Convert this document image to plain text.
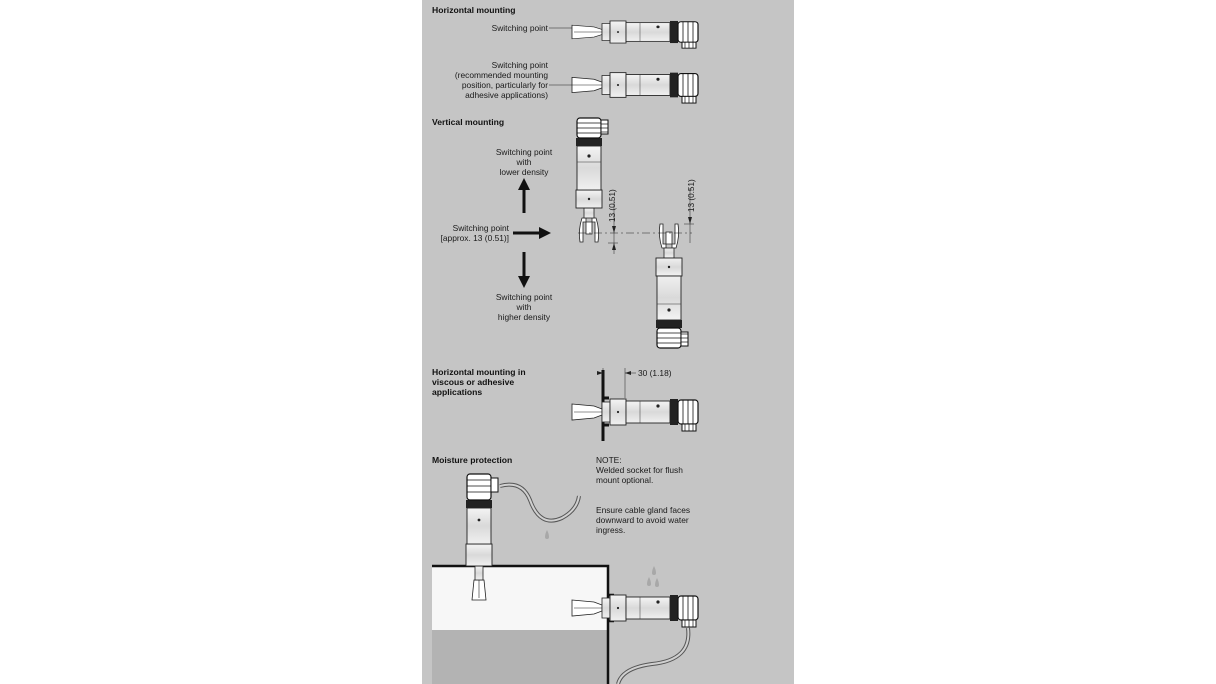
Horizontal mounting
Switching point
Switching point
(recommended mounting
position, particularly for
adhesive applications)
Vertical mounting
Switching point
with
lower density
Switching point
[approx. 13 (0.51)]
Switching point
with
higher density
13 (0.51)	13 (0.51)
Horizontal mounting in
viscous or adhesive
applications
30 (1.18)
Moisture protection	NOTE:
Welded socket for flush
mount optional.
Ensure cable gland faces
downward to avoid water
ingress.
